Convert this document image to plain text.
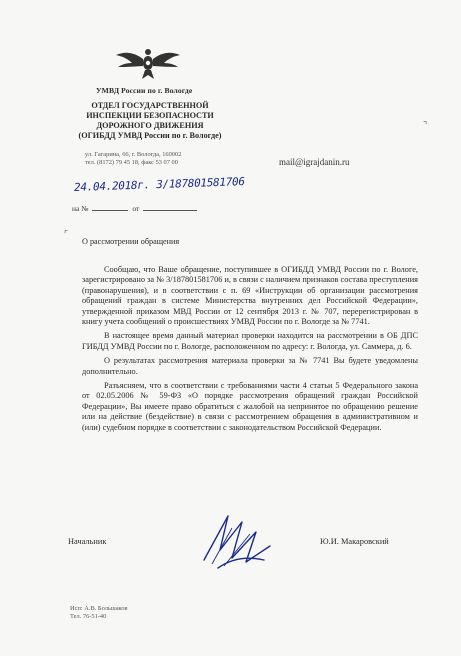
УМВД России по г. Вологде
ОТДЕЛ ГОСУДАРСТВЕННОЙ
ИНСПЕКЦИИ БЕЗОПАСНОСТИ
ДОРОЖНОГО ДВИЖЕНИЯ
(ОГИБДД УМВД России по г. Вологде)
ул. Гагарина, 66, г. Вологда, 160002
тел. (8172) 79 45 18, факс 53 07 00
⌝
mail@igrajdanin.ru
24.04.2018г. 3/187801581706
на №	от
⌜
О рассмотрении обращения

Сообщаю, что Ваше обращение, поступившее в ОГИБДД УМВД России по г. Вологе, зарегистрировано за № 3/187801581706 и, в связи с наличием признаков состава преступления (правонарушения), и в соответствии с п. 69 «Инструкции об организации рассмотрения обращений граждан в системе Министерства внутренних дел Российской Федерации», утвержденной приказом МВД России от 12 сентября 2013 г. № 707, перерегистрирован в книгу учета сообщений о происшествиях УМВД России по г. Вологде за № 7741.

В настоящее время данный материал проверки находится на рассмотрении в ОБ ДПС ГИБДД УМВД России по г. Вологде, расположенном по адресу: г. Вологда, ул. Саммера, д. 6.

О результатах рассмотрения материала проверки за № 7741 Вы будете уведомлены дополнительно.

Разъясняем, что в соответствии с требованиями части 4 статьи 5 Федерального закона от 02.05.2006 № 59-ФЗ «О порядке рассмотрения обращений граждан Российской Федерации», Вы имеете право обратиться с жалобой на непринятое по обращению решение или на действие (бездействие) в связи с рассмотрением обращения в административном и (или) судебном порядке в соответствии с законодательством Российской Федерации.

Начальник	Ю.И. Макаровский
Исп: А.В. Большаков
Тел. 76-51-40
